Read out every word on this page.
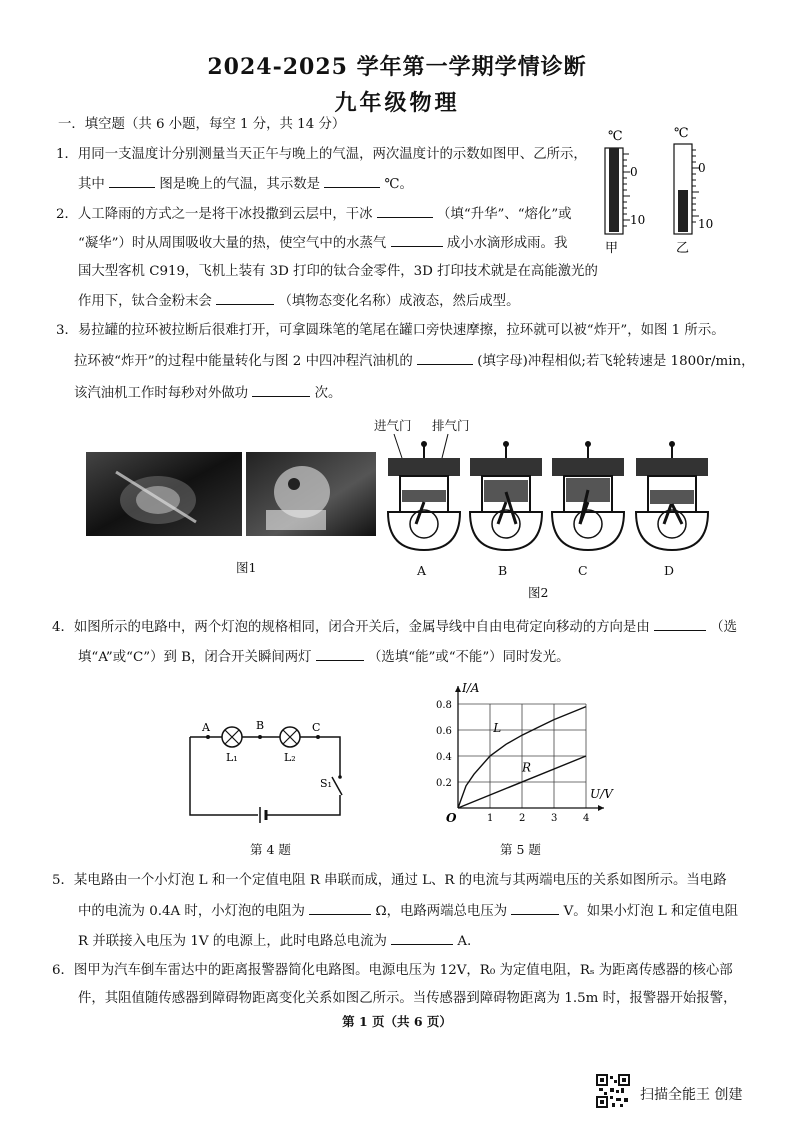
2024-2025 学年第一学期学情诊断
九年级物理
一．填空题（共 6 小题，每空 1 分，共 14 分）
1．用同一支温度计分别测量当天正午与晚上的气温，两次温度计的示数如图甲、乙所示，
其中	图是晚上的气温，其示数是	℃。
℃
0
10
甲
℃
0
10
乙
2．人工降雨的方式之一是将干冰投撒到云层中，干冰	（填“升华”、“熔化”或
“凝华”）时从周围吸收大量的热，使空气中的水蒸气	成小水滴形成雨。我
国大型客机 C919，飞机上装有 3D 打印的钛合金零件，3D 打印技术就是在高能激光的
作用下，钛合金粉末会	（填物态变化名称）成液态，然后成型。
3．易拉罐的拉环被拉断后很难打开，可拿圆珠笔的笔尾在罐口旁快速摩擦，拉环就可以被“炸开”，如图 1 所示。
拉环被“炸开”的过程中能量转化与图 2 中四冲程汽油机的	(填字母)冲程相似;若飞轮转速是 1800r/min，
该汽油机工作时每秒对外做功	次。
图1
进气门 排气门
A	B	C	D
图2
4．如图所示的电路中，两个灯泡的规格相同，闭合开关后，金属导线中自由电荷定向移动的方向是由	（选
填“A”或“C”）到 B，闭合开关瞬间两灯	（选填“能”或“不能”）同时发光。
A	B	C
L₁	L₂
S₁
第 4 题
1	2	3	4
0.2
0.4
0.6
0.8
O
U/V
I/A
L
R
第 5 题
5．某电路由一个小灯泡 L 和一个定值电阻 R 串联而成，通过 L、R 的电流与其两端电压的关系如图所示。当电路
中的电流为 0.4A 时，小灯泡的电阻为	Ω，电路两端总电压为	V。如果小灯泡 L 和定值电阻
R 并联接入电压为 1V 的电源上，此时电路总电流为	A.
6．图甲为汽车倒车雷达中的距离报警器简化电路图。电源电压为 12V，R₀ 为定值电阻，Rₛ 为距离传感器的核心部
件，其阻值随传感器到障碍物距离变化关系如图乙所示。当传感器到障碍物距离为 1.5m 时，报警器开始报警，
第 1 页（共 6 页）
扫描全能王 创建
